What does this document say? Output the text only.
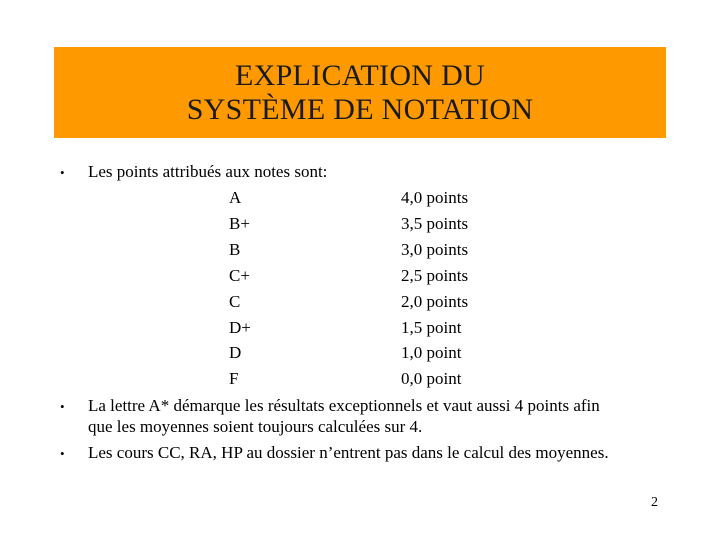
EXPLICATION DU
SYSTÈME DE NOTATION
• Les points attribués aux notes sont:
A	4,0 points
B+	3,5 points
B	3,0 points
C+	2,5 points
C	2,0 points
D+	1,5 point
D	1,0 point
F	0,0 point
• La lettre A* démarque les résultats exceptionnels et vaut aussi 4 points afin
que les moyennes soient toujours calculées sur 4.
• Les cours CC, RA, HP au dossier n’entrent pas dans le calcul des moyennes.
2
